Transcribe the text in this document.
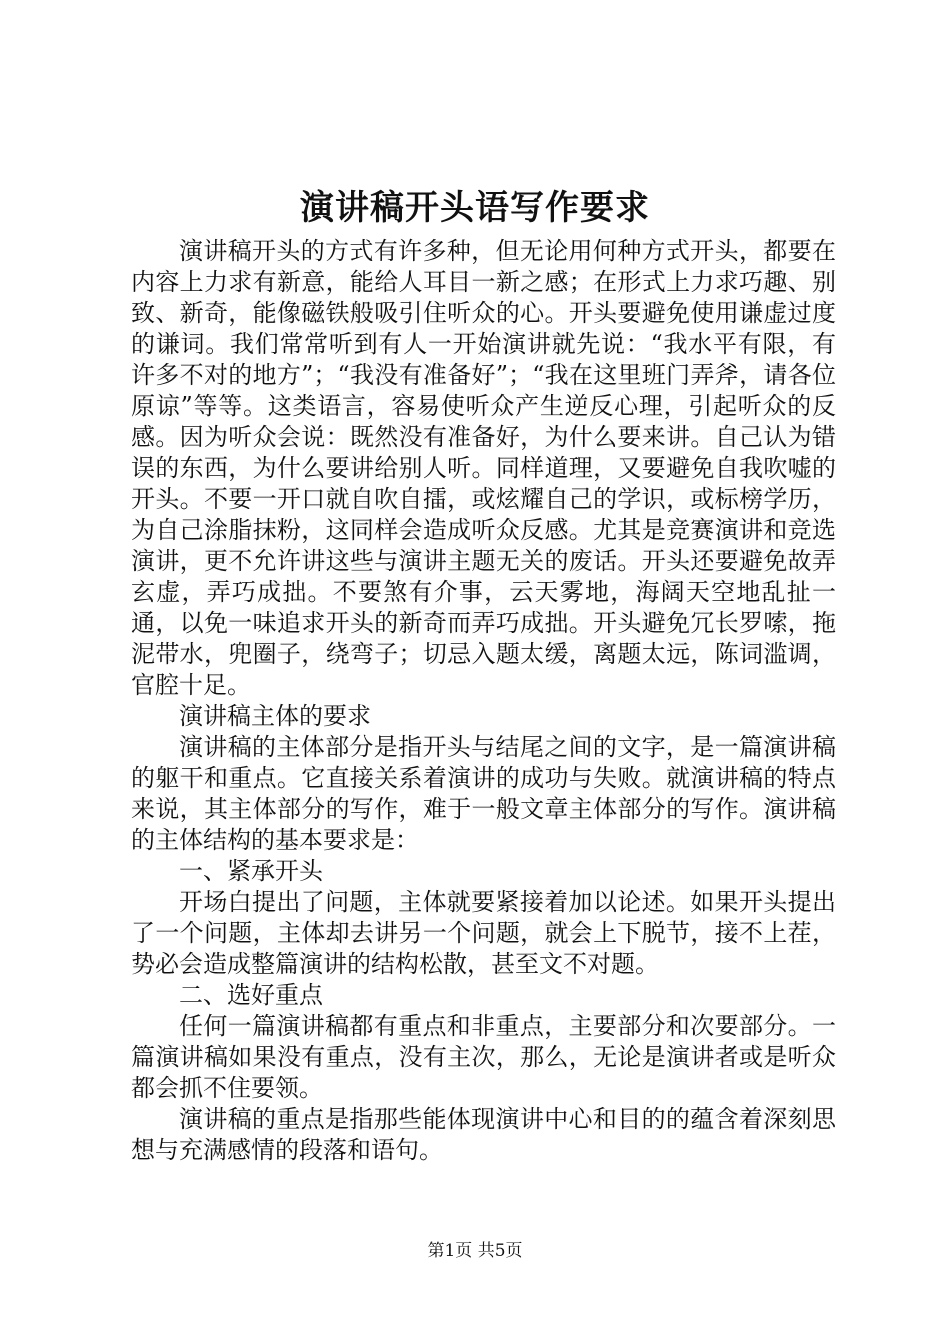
演讲稿开头语写作要求

演讲稿开头的方式有许多种，但无论用何种方式开头，都要在内容上力求有新意，能给人耳目一新之感；在形式上力求巧趣、别致、新奇，能像磁铁般吸引住听众的心。开头要避免使用谦虚过度的谦词。我们常常听到有人一开始演讲就先说：“我水平有限，有许多不对的地方”；“我没有准备好”；“我在这里班门弄斧，请各位原谅”等等。这类语言，容易使听众产生逆反心理，引起听众的反感。因为听众会说：既然没有准备好，为什么要来讲。自己认为错误的东西，为什么要讲给别人听。同样道理，又要避免自我吹嘘的开头。不要一开口就自吹自擂，或炫耀自己的学识，或标榜学历，为自己涂脂抹粉，这同样会造成听众反感。尤其是竞赛演讲和竞选演讲，更不允许讲这些与演讲主题无关的废话。开头还要避免故弄玄虚，弄巧成拙。不要煞有介事，云天雾地，海阔天空地乱扯一通，以免一味追求开头的新奇而弄巧成拙。开头避免冗长罗嗦，拖泥带水，兜圈子，绕弯子；切忌入题太缓，离题太远，陈词滥调，官腔十足。

演讲稿主体的要求

演讲稿的主体部分是指开头与结尾之间的文字，是一篇演讲稿的躯干和重点。它直接关系着演讲的成功与失败。就演讲稿的特点来说，其主体部分的写作，难于一般文章主体部分的写作。演讲稿的主体结构的基本要求是：

一、紧承开头

开场白提出了问题，主体就要紧接着加以论述。如果开头提出了一个问题，主体却去讲另一个问题，就会上下脱节，接不上茬，势必会造成整篇演讲的结构松散，甚至文不对题。

二、选好重点

任何一篇演讲稿都有重点和非重点，主要部分和次要部分。一篇演讲稿如果没有重点，没有主次，那么，无论是演讲者或是听众都会抓不住要领。

演讲稿的重点是指那些能体现演讲中心和目的的蕴含着深刻思想与充满感情的段落和语句。

第1页 共5页
